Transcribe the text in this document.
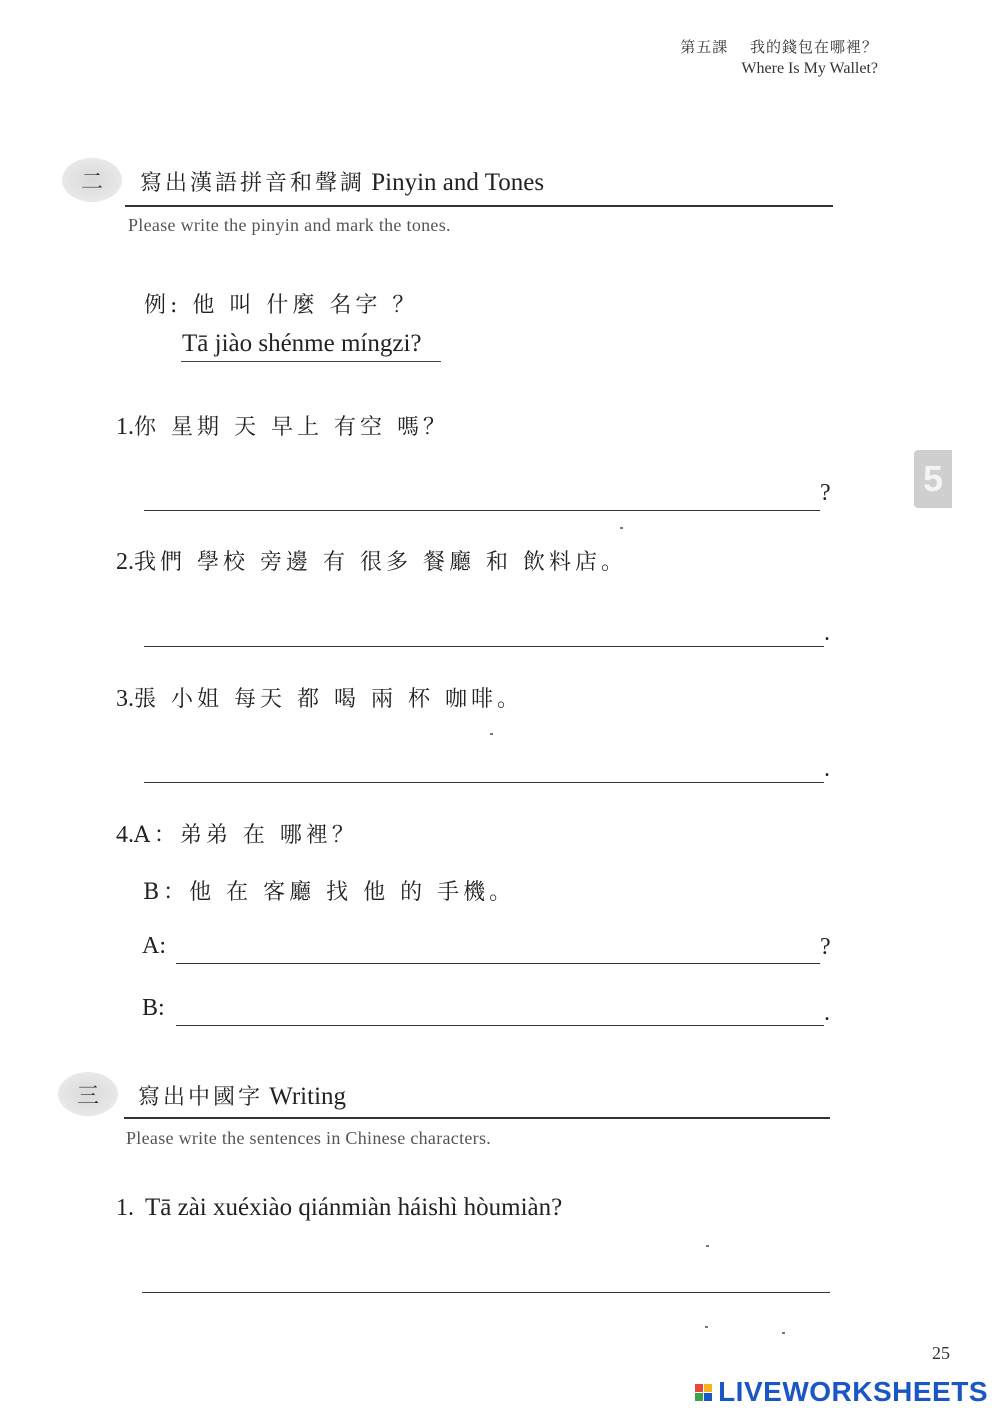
第五課　 我的錢包在哪裡？
Where Is My Wallet?
二	寫出漢語拼音和聲調 Pinyin and Tones
Please write the pinyin and mark the tones.
例: 他 叫 什麼 名字 ？
Tā jiào shénme míngzi?
1.你 星期 天 早上 有空 嗎？
?
2.我們 學校 旁邊 有 很多 餐廳 和 飲料店。
.
3.張 小姐 每天 都 喝 兩 杯 咖啡。
.
4.A：弟弟 在 哪裡？
B：他 在 客廳 找 他 的 手機。
A:	?
B:	.
三	寫出中國字 Writing
Please write the sentences in Chinese characters.
1. Tā zài xuéxiào qiánmiàn háishì hòumiàn?
5
25
LIVEWORKSHEETS
